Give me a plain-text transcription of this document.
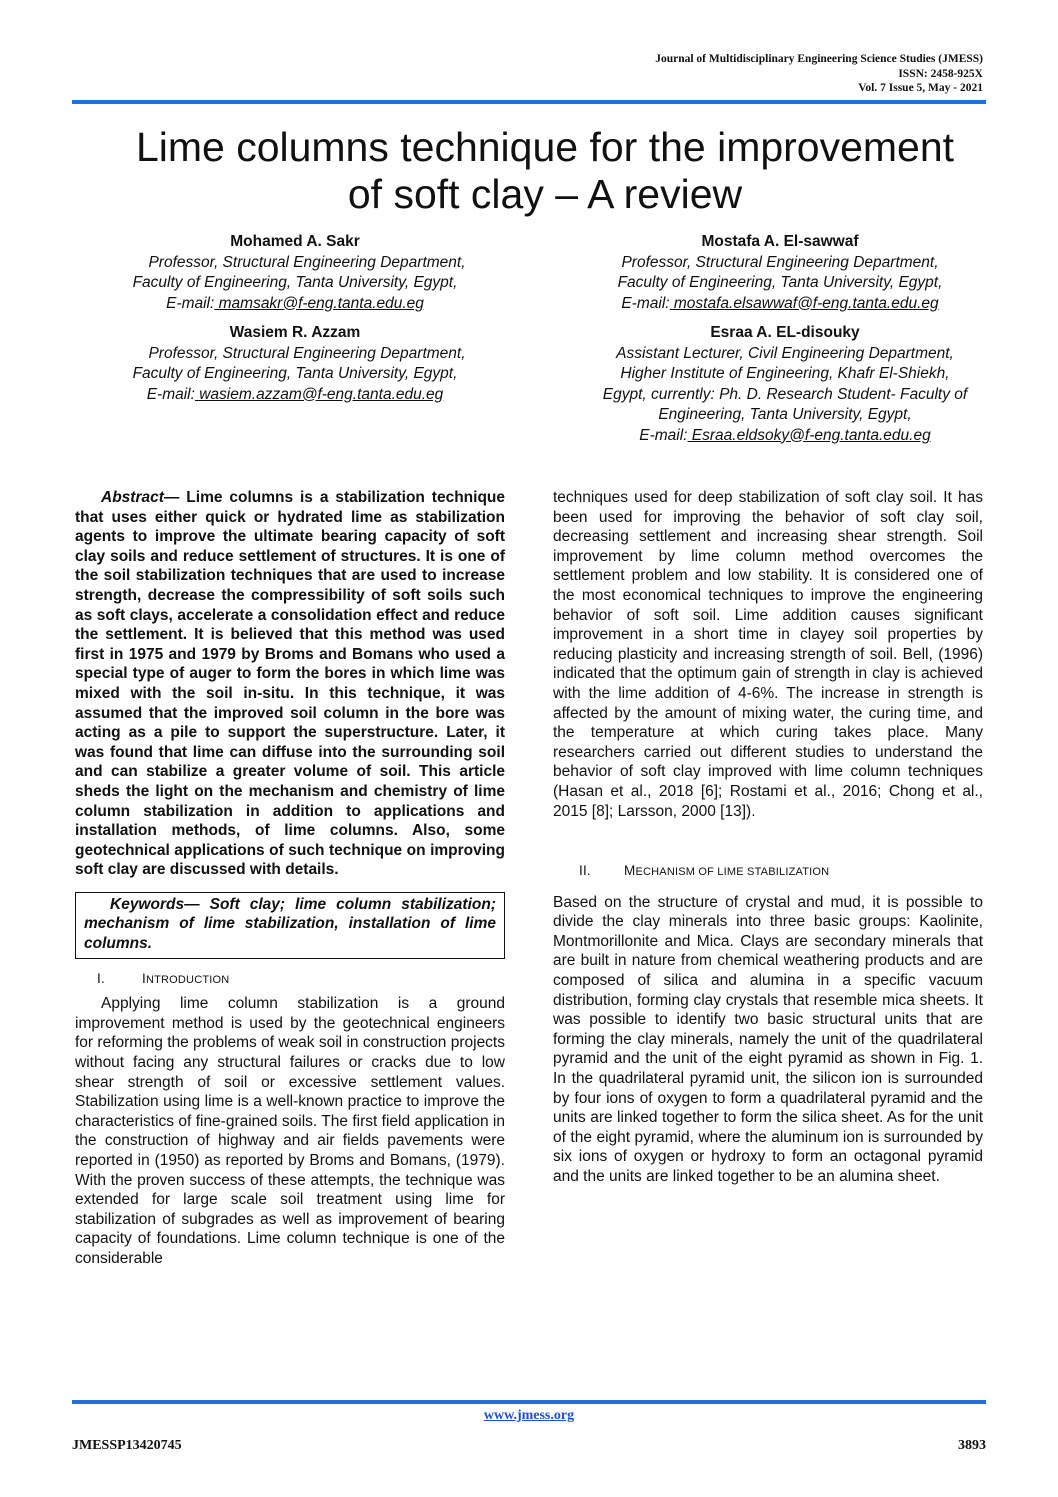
Journal of Multidisciplinary Engineering Science Studies (JMESS)
ISSN: 2458-925X
Vol. 7 Issue 5, May - 2021
Lime columns technique for the improvement
of soft clay – A review
Mohamed A. Sakr
Professor, Structural Engineering Department,
Faculty of Engineering, Tanta University, Egypt,
E-mail: mamsakr@f-eng.tanta.edu.eg
Mostafa A. El-sawwaf
Professor, Structural Engineering Department,
Faculty of Engineering, Tanta University, Egypt,
E-mail: mostafa.elsawwaf@f-eng.tanta.edu.eg
Wasiem R. Azzam
Professor, Structural Engineering Department,
Faculty of Engineering, Tanta University, Egypt,
E-mail: wasiem.azzam@f-eng.tanta.edu.eg
Esraa A. EL-disouky
Assistant Lecturer, Civil Engineering Department,
Higher Institute of Engineering, Khafr El-Shiekh,
Egypt, currently: Ph. D. Research Student- Faculty of
Engineering, Tanta University, Egypt,
E-mail: Esraa.eldsoky@f-eng.tanta.edu.eg

Abstract— Lime columns is a stabilization technique that uses either quick or hydrated lime as stabilization agents to improve the ultimate bearing capacity of soft clay soils and reduce settlement of structures. It is one of the soil stabilization techniques that are used to increase strength, decrease the compressibility of soft soils such as soft clays, accelerate a consolidation effect and reduce the settlement. It is believed that this method was used first in 1975 and 1979 by Broms and Bomans who used a special type of auger to form the bores in which lime was mixed with the soil in-situ. In this technique, it was assumed that the improved soil column in the bore was acting as a pile to support the superstructure. Later, it was found that lime can diffuse into the surrounding soil and can stabilize a greater volume of soil. This article sheds the light on the mechanism and chemistry of lime column stabilization in addition to applications and installation methods, of lime columns. Also, some geotechnical applications of such technique on improving soft clay are discussed with details.

Keywords— Soft clay; lime column stabilization; mechanism of lime stabilization, installation of lime columns.

I.	INTRODUCTION

Applying lime column stabilization is a ground improvement method is used by the geotechnical engineers for reforming the problems of weak soil in construction projects without facing any structural failures or cracks due to low shear strength of soil or excessive settlement values. Stabilization using lime is a well-known practice to improve the characteristics of fine-grained soils. The first field application in the construction of highway and air fields pavements were reported in (1950) as reported by Broms and Bomans, (1979). With the proven success of these attempts, the technique was extended for large scale soil treatment using lime for stabilization of subgrades as well as improvement of bearing capacity of foundations. Lime column technique is one of the considerable

techniques used for deep stabilization of soft clay soil. It has been used for improving the behavior of soft clay soil, decreasing settlement and increasing shear strength. Soil improvement by lime column method overcomes the settlement problem and low stability. It is considered one of the most economical techniques to improve the engineering behavior of soft soil. Lime addition causes significant improvement in a short time in clayey soil properties by reducing plasticity and increasing strength of soil. Bell, (1996) indicated that the optimum gain of strength in clay is achieved with the lime addition of 4-6%. The increase in strength is affected by the amount of mixing water, the curing time, and the temperature at which curing takes place. Many researchers carried out different studies to understand the behavior of soft clay improved with lime column techniques (Hasan et al., 2018 [6]; Rostami et al., 2016; Chong et al., 2015 [8]; Larsson, 2000 [13]).

II. MECHANISM OF LIME STABILIZATION

Based on the structure of crystal and mud, it is possible to divide the clay minerals into three basic groups: Kaolinite, Montmorillonite and Mica. Clays are secondary minerals that are built in nature from chemical weathering products and are composed of silica and alumina in a specific vacuum distribution, forming clay crystals that resemble mica sheets. It was possible to identify two basic structural units that are forming the clay minerals, namely the unit of the quadrilateral pyramid and the unit of the eight pyramid as shown in Fig. 1. In the quadrilateral pyramid unit, the silicon ion is surrounded by four ions of oxygen to form a quadrilateral pyramid and the units are linked together to form the silica sheet. As for the unit of the eight pyramid, where the aluminum ion is surrounded by six ions of oxygen or hydroxy to form an octagonal pyramid and the units are linked together to be an alumina sheet.

www.jmess.org
JMESSP13420745	3893
